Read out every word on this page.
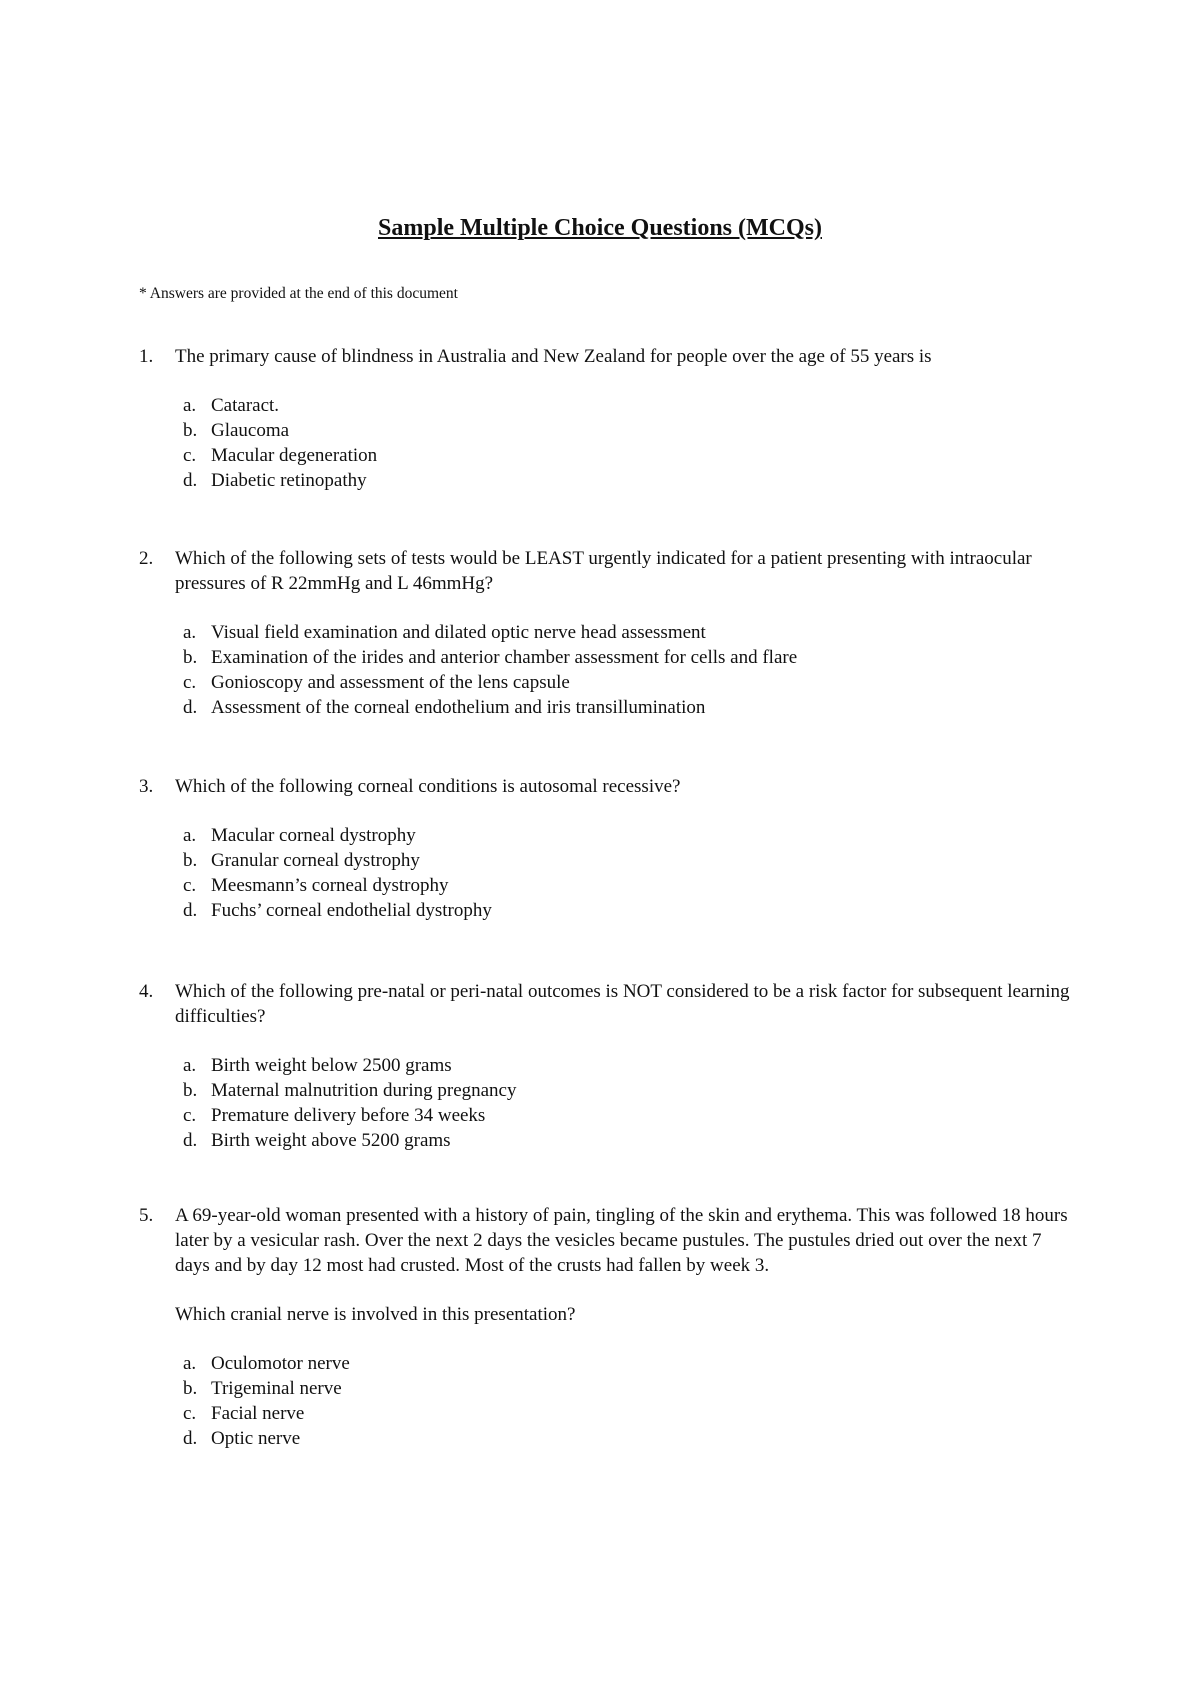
Sample Multiple Choice Questions (MCQs)
* Answers are provided at the end of this document
1. The primary cause of blindness in Australia and New Zealand for people over the age of 55 years is
a. Cataract.
b. Glaucoma
c. Macular degeneration
d. Diabetic retinopathy
2. Which of the following sets of tests would be LEAST urgently indicated for a patient presenting with intraocular pressures of R 22mmHg and L 46mmHg?
a. Visual field examination and dilated optic nerve head assessment
b. Examination of the irides and anterior chamber assessment for cells and flare
c. Gonioscopy and assessment of the lens capsule
d. Assessment of the corneal endothelium and iris transillumination
3. Which of the following corneal conditions is autosomal recessive?
a. Macular corneal dystrophy
b. Granular corneal dystrophy
c. Meesmann’s corneal dystrophy
d. Fuchs’ corneal endothelial dystrophy
4. Which of the following pre-natal or peri-natal outcomes is NOT considered to be a risk factor for subsequent learning difficulties?
a. Birth weight below 2500 grams
b. Maternal malnutrition during pregnancy
c. Premature delivery before 34 weeks
d. Birth weight above 5200 grams
5. A 69-year-old woman presented with a history of pain, tingling of the skin and erythema. This was followed 18 hours later by a vesicular rash. Over the next 2 days the vesicles became pustules. The pustules dried out over the next 7 days and by day 12 most had crusted. Most of the crusts had fallen by week 3.
Which cranial nerve is involved in this presentation?
a. Oculomotor nerve
b. Trigeminal nerve
c. Facial nerve
d. Optic nerve
